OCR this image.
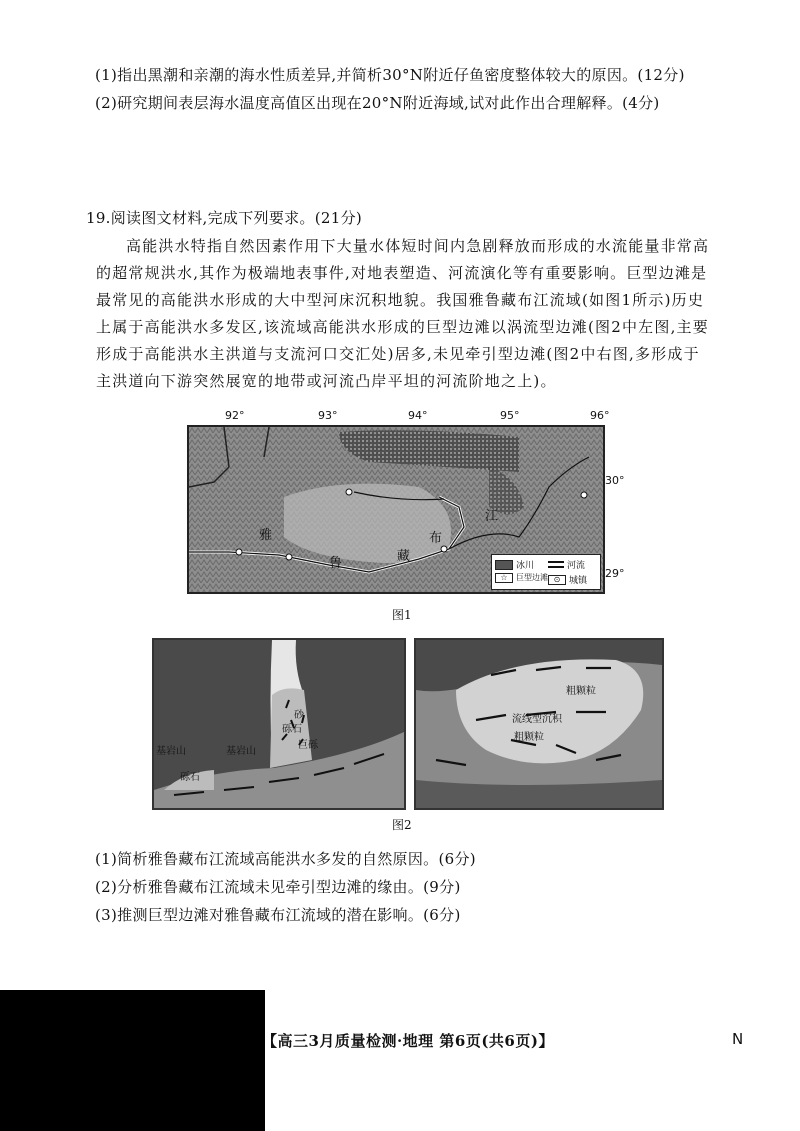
(1)指出黑潮和亲潮的海水性质差异,并简析30°N附近仔鱼密度整体较大的原因。(12分)
(2)研究期间表层海水温度高值区出现在20°N附近海域,试对此作出合理解释。(4分)
19.阅读图文材料,完成下列要求。(21分)
高能洪水特指自然因素作用下大量水体短时间内急剧释放而形成的水流能量非常高的超常规洪水,其作为极端地表事件,对地表塑造、河流演化等有重要影响。巨型边滩是最常见的高能洪水形成的大中型河床沉积地貌。我国雅鲁藏布江流域(如图1所示)历史上属于高能洪水多发区,该流域高能洪水形成的巨型边滩以涡流型边滩(图2中左图,主要形成于高能洪水主洪道与支流河口交汇处)居多,未见牵引型边滩(图2中右图,多形成于主洪道向下游突然展宽的地带或河流凸岸平坦的河流阶地之上)。
92°	93°	94°	95°	96°
30°
29°
雅
鲁	藏
布
江
冰川	河流
☆	巨型边滩 ⊙ 城镇
图1
砂
砾石
巨砾
基岩山	基岩山
砾石
粗颗粒
流线型沉积
粗颗粒
图2
(1)简析雅鲁藏布江流域高能洪水多发的自然原因。(6分)
(2)分析雅鲁藏布江流域未见牵引型边滩的缘由。(9分)
(3)推测巨型边滩对雅鲁藏布江流域的潜在影响。(6分)
【高三3月质量检测·地理 第6页(共6页)】	N
